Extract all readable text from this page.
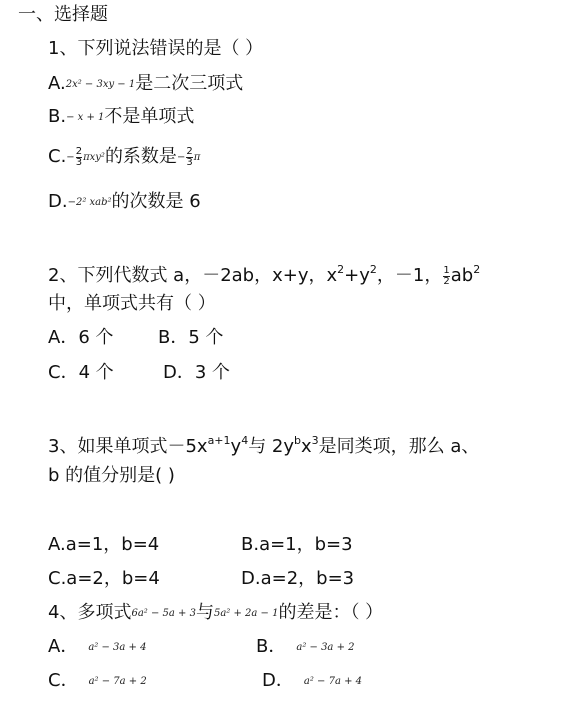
一、选择题
1、下列说法错误的是（ ）
A.2x² − 3xy − 1是二次三项式
B.− x + 1不是单项式
$C.- \frac{2}{3} \pi xy^2$的系数是− $\frac{2}{3}$ π
D.−2² xab²的次数是 6
2、下列代数式 a，－2ab，x+y，$x^2+y^2$，－1， $\frac{1}{2} ab^2$
中，单项式共有（ ）
A．6 个 B．5 个
C．4 个	D．3 个
3、如果单项式$-5x^{a+1}y^4$与 $2y^bx^3$是同类项，那么 a、
b 的值分别是( )
A.a=1，b=4	B.a=1，b=3
C.a=2，b=4	D.a=2，b=3
4、多项式6a² − 5a + 3与5a² + 2a − 1的差是：（ ）
A． a² − 3a + 4	B． a² − 3a + 2
C． a² − 7a + 2	D． a² − 7a + 4
